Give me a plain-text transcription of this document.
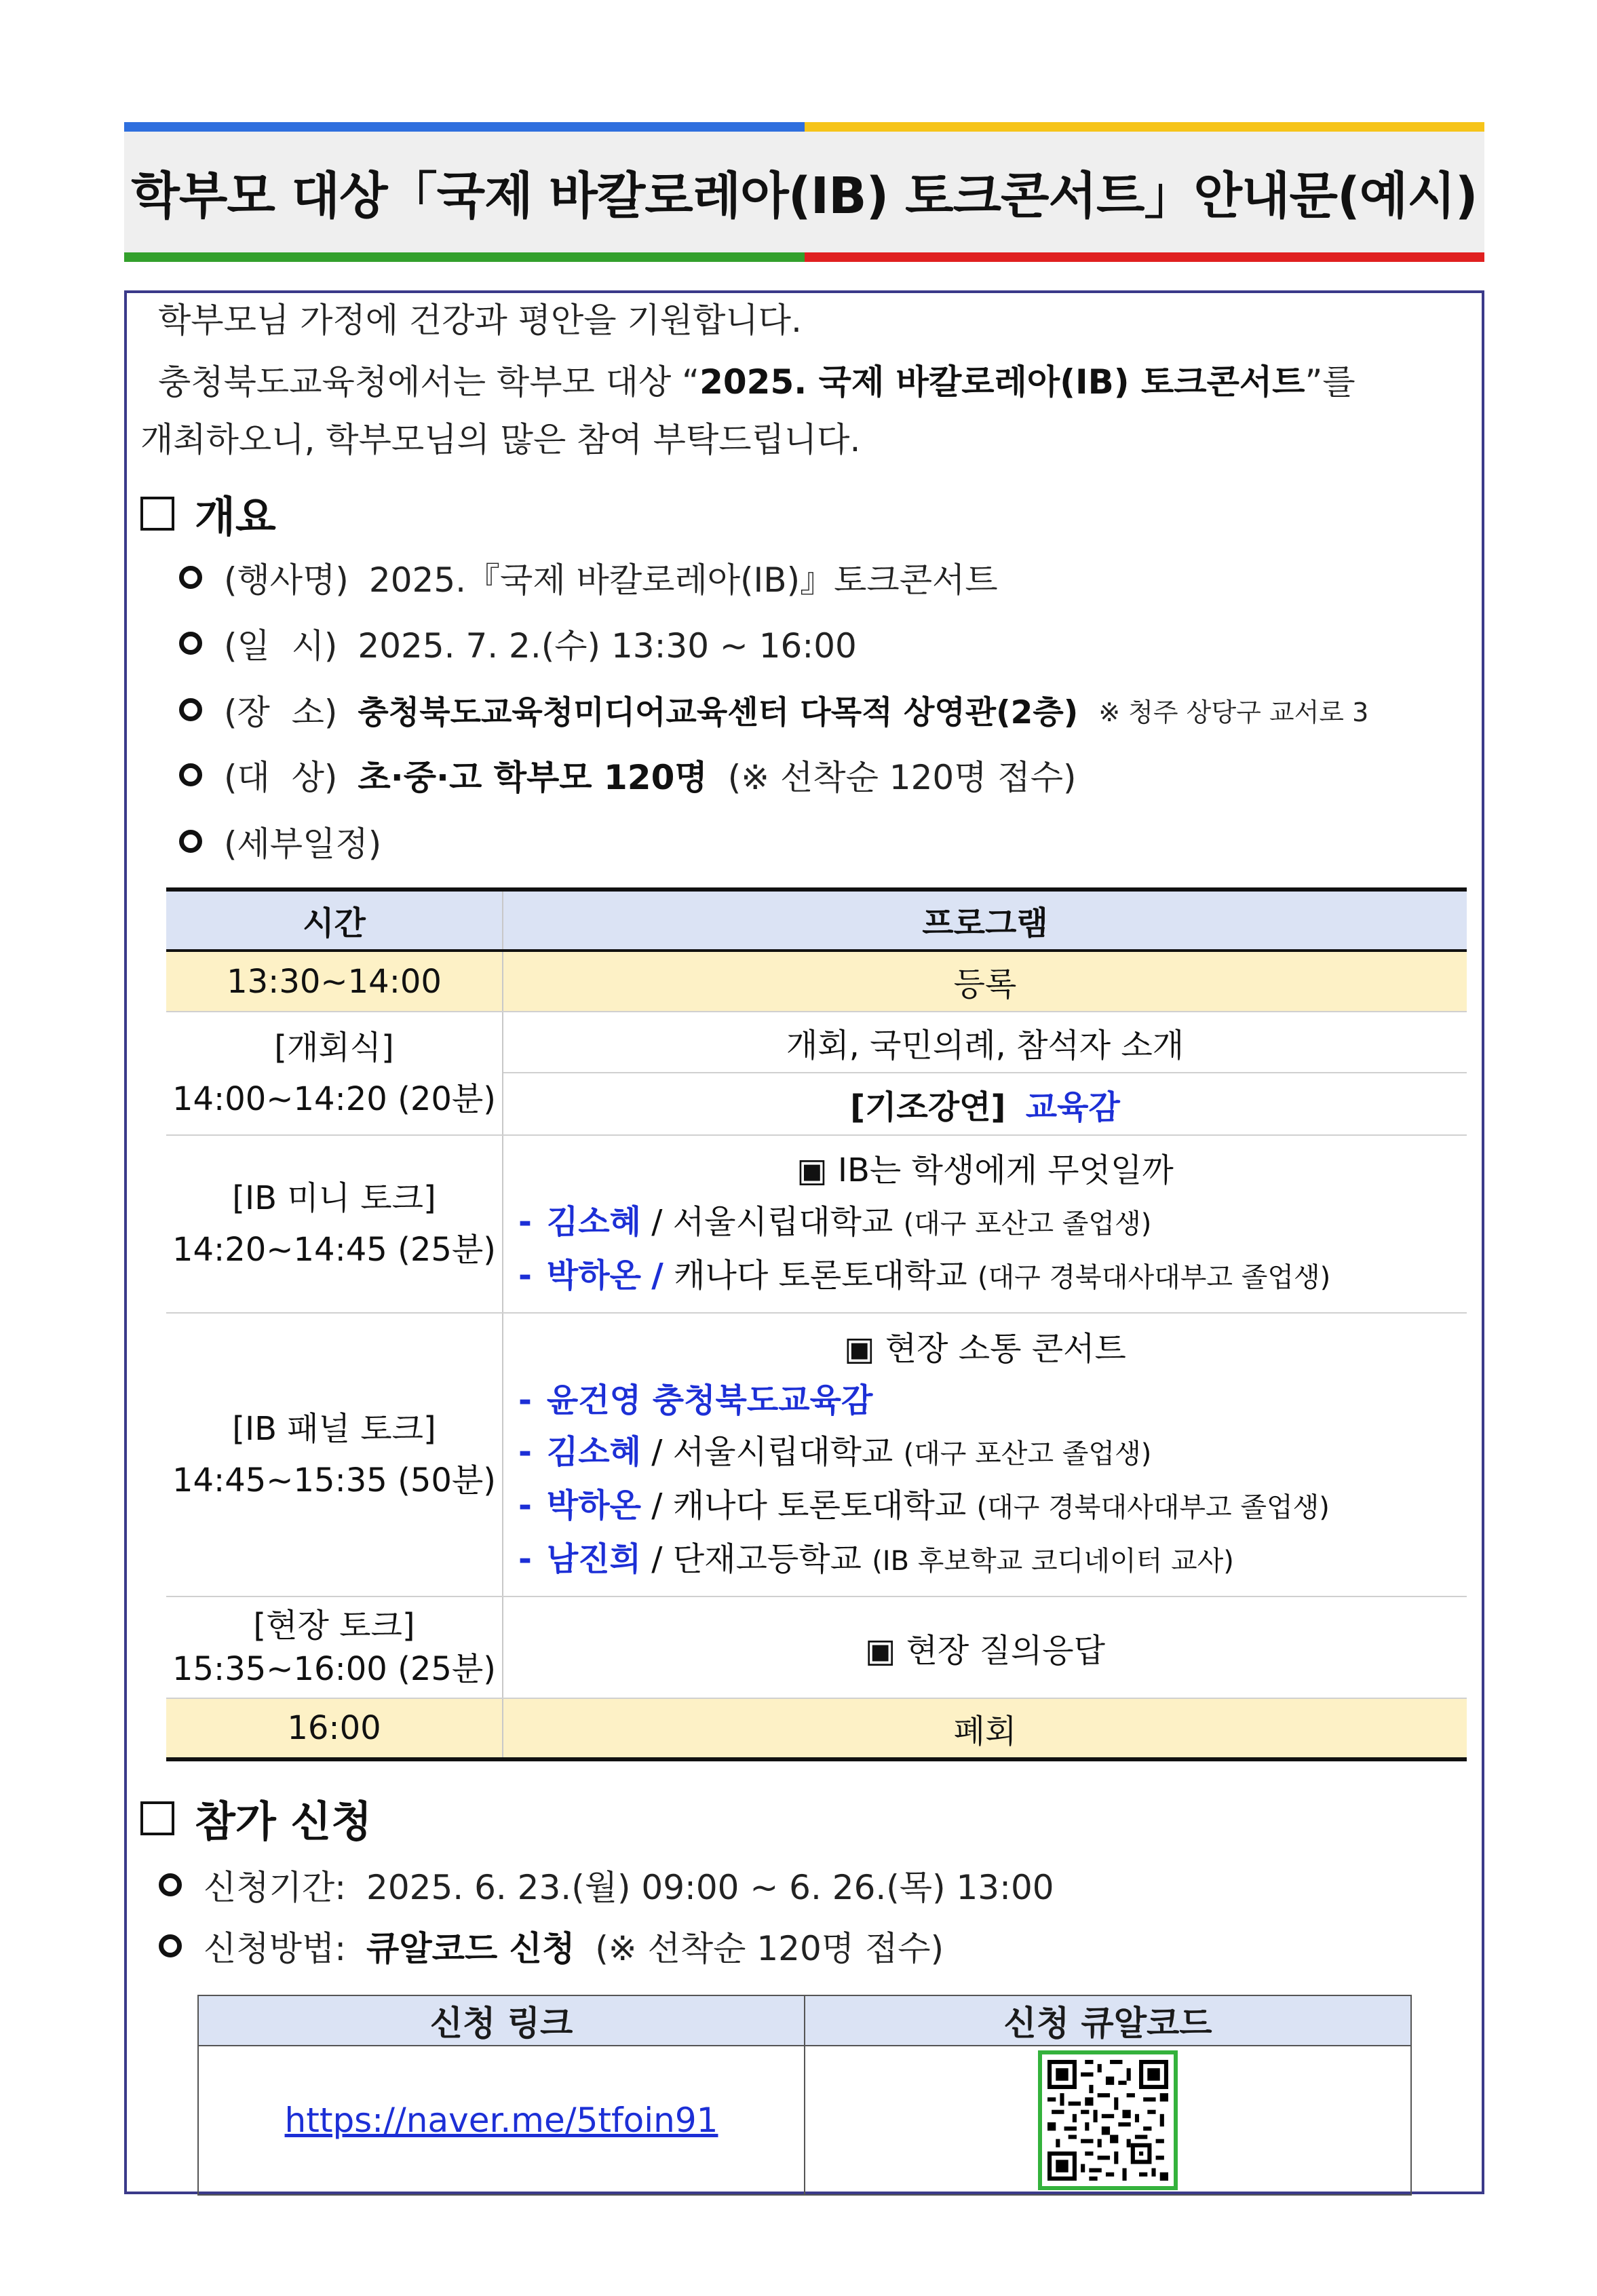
학부모 대상「국제 바칼로레아(IB) 토크콘서트」안내문(예시)
학부모님 가정에 건강과 평안을 기원합니다.
충청북도교육청에서는 학부모 대상 “2025. 국제 바칼로레아(IB) 토크콘서트”를
개최하오니, 학부모님의 많은 참여 부탁드립니다.
개요
(행사명) 2025.『국제 바칼로레아(IB)』토크콘서트
(일  시) 2025. 7. 2.(수) 13:30 ~ 16:00
(장  소) 충청북도교육청미디어교육센터 다목적 상영관(2층) ※ 청주 상당구 교서로 3
(대  상) 초·중·고 학부모 120명 (※ 선착순 120명 접수)
(세부일정)
시간	프로그램
13:30~14:00	등록

[개회식]
14:00~14:20 (20분)	개회, 국민의례, 참석자 소개
	[기조강연] 교육감

[IB 미니 토크]
14:20~14:45 (25분)	▣ IB는 학생에게 무엇일까
- 김소혜 / 서울시립대학교 (대구 포산고 졸업생)
- 박하온 / 캐나다 토론토대학교 (대구 경북대사대부고 졸업생)

[IB 패널 토크]
14:45~15:35 (50분)	▣ 현장 소통 콘서트
- 윤건영 충청북도교육감
- 김소혜 / 서울시립대학교 (대구 포산고 졸업생)
- 박하온 / 캐나다 토론토대학교 (대구 경북대사대부고 졸업생)
- 남진희 / 단재고등학교 (IB 후보학교 코디네이터 교사)

[현장 토크]
15:35~16:00 (25분)	▣ 현장 질의응답
16:00	폐회
참가 신청
신청기간: 2025. 6. 23.(월) 09:00 ~ 6. 26.(목) 13:00
신청방법: 큐알코드 신청 (※ 선착순 120명 접수)
신청 링크	신청 큐알코드
https://naver.me/5tfoin91	
